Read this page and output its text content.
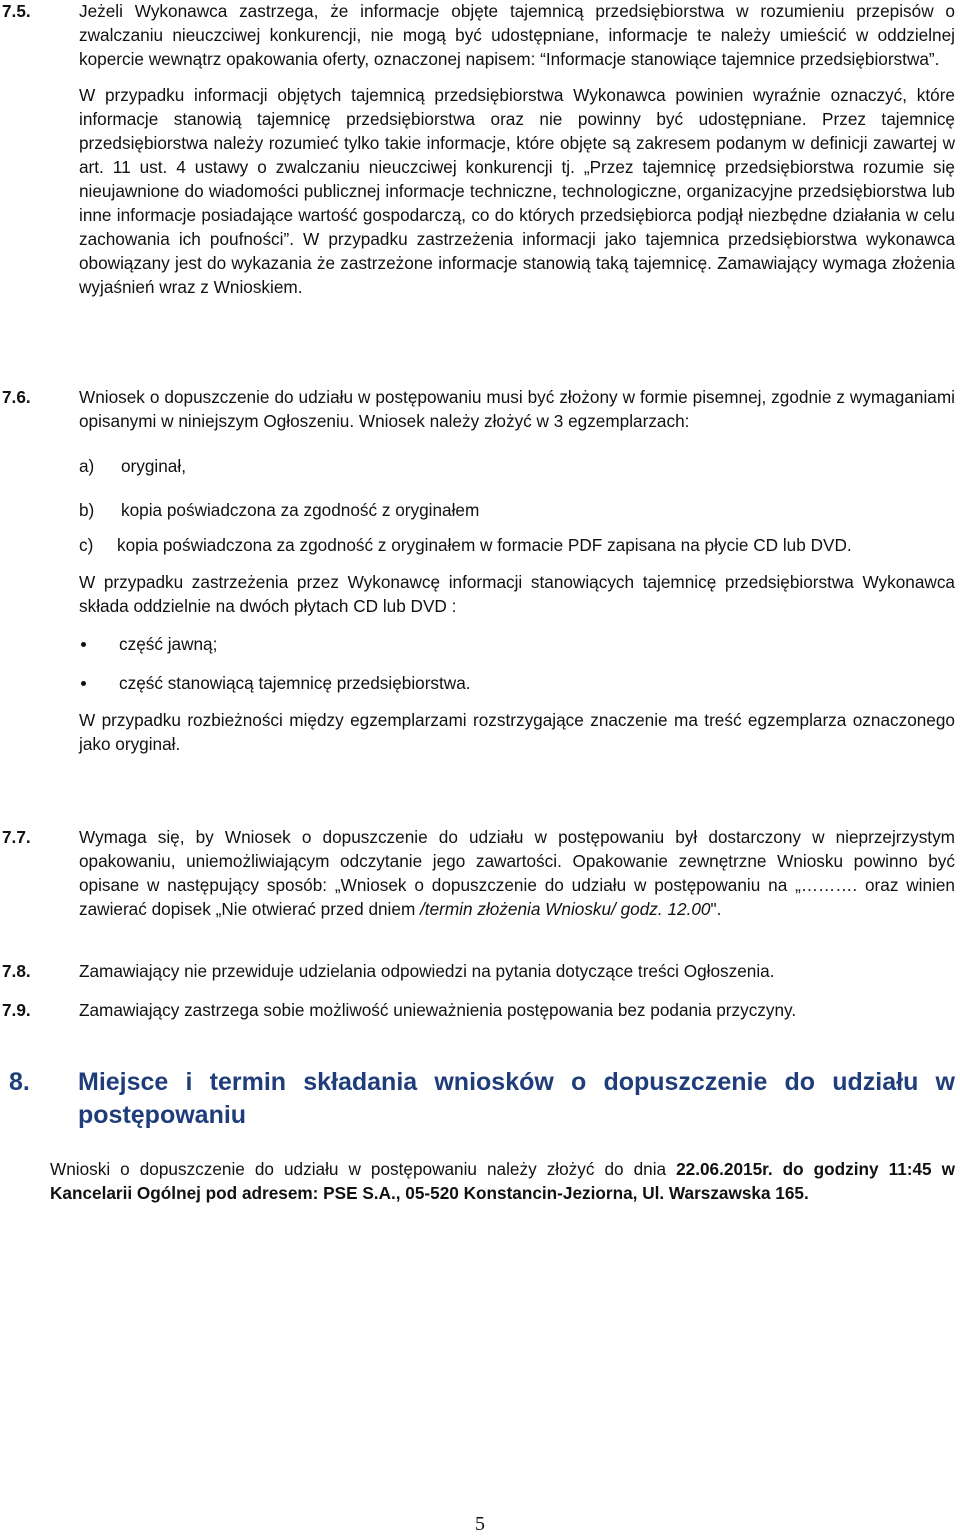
7.5.	Jeżeli Wykonawca zastrzega, że informacje objęte tajemnicą przedsiębiorstwa w rozumieniu przepisów o zwalczaniu nieuczciwej konkurencji, nie mogą być udostępniane, informacje te należy umieścić w oddzielnej kopercie wewnątrz opakowania oferty, oznaczonej napisem: “Informacje stanowiące tajemnice przedsiębiorstwa”.

W przypadku informacji objętych tajemnicą przedsiębiorstwa Wykonawca powinien wyraźnie oznaczyć, które informacje stanowią tajemnicę przedsiębiorstwa oraz nie powinny być udostępniane. Przez tajemnicę przedsiębiorstwa należy rozumieć tylko takie informacje, które objęte są zakresem podanym w definicji zawartej w art. 11 ust. 4 ustawy o zwalczaniu nieuczciwej konkurencji tj. „Przez tajemnicę przedsiębiorstwa rozumie się nieujawnione do wiadomości publicznej informacje techniczne, technologiczne, organizacyjne przedsiębiorstwa lub inne informacje posiadające wartość gospodarczą, co do których przedsiębiorca podjął niezbędne działania w celu zachowania ich poufności”. W przypadku zastrzeżenia informacji jako tajemnica przedsiębiorstwa wykonawca obowiązany jest do wykazania że zastrzeżone informacje stanowią taką tajemnicę. Zamawiający wymaga złożenia wyjaśnień wraz z Wnioskiem.

7.6.	Wniosek o dopuszczenie do udziału w postępowaniu musi być złożony w formie pisemnej, zgodnie z wymaganiami opisanymi w niniejszym Ogłoszeniu. Wniosek należy złożyć w 3 egzemplarzach:

a) oryginał,
b) kopia poświadczona za zgodność z oryginałem
c) kopia poświadczona za zgodność z oryginałem w formacie PDF zapisana na płycie CD lub DVD.

W przypadku zastrzeżenia przez Wykonawcę informacji stanowiących tajemnicę przedsiębiorstwa Wykonawca składa oddzielnie na dwóch płytach CD lub DVD :

część jawną;
część stanowiącą tajemnicę przedsiębiorstwa.

W przypadku rozbieżności między egzemplarzami rozstrzygające znaczenie ma treść egzemplarza oznaczonego jako oryginał.

7.7.	Wymaga się, by Wniosek o dopuszczenie do udziału w postępowaniu był dostarczony w nieprzejrzystym opakowaniu, uniemożliwiającym odczytanie jego zawartości. Opakowanie zewnętrzne Wniosku powinno być opisane w następujący sposób: „Wniosek o dopuszczenie do udziału w postępowaniu na „………. oraz winien zawierać dopisek „Nie otwierać przed dniem /termin złożenia Wniosku/ godz. 12.00".

7.8.	Zamawiający nie przewiduje udzielania odpowiedzi na pytania dotyczące treści Ogłoszenia.

7.9.	Zamawiający zastrzega sobie możliwość unieważnienia postępowania bez podania przyczyny.

8. Miejsce i termin składania wniosków o dopuszczenie do udziału w postępowaniu
Wnioski o dopuszczenie do udziału w postępowaniu należy złożyć do dnia 22.06.2015r. do godziny 11:45 w Kancelarii Ogólnej pod adresem: PSE S.A., 05-520 Konstancin-Jeziorna, Ul. Warszawska 165.
5
